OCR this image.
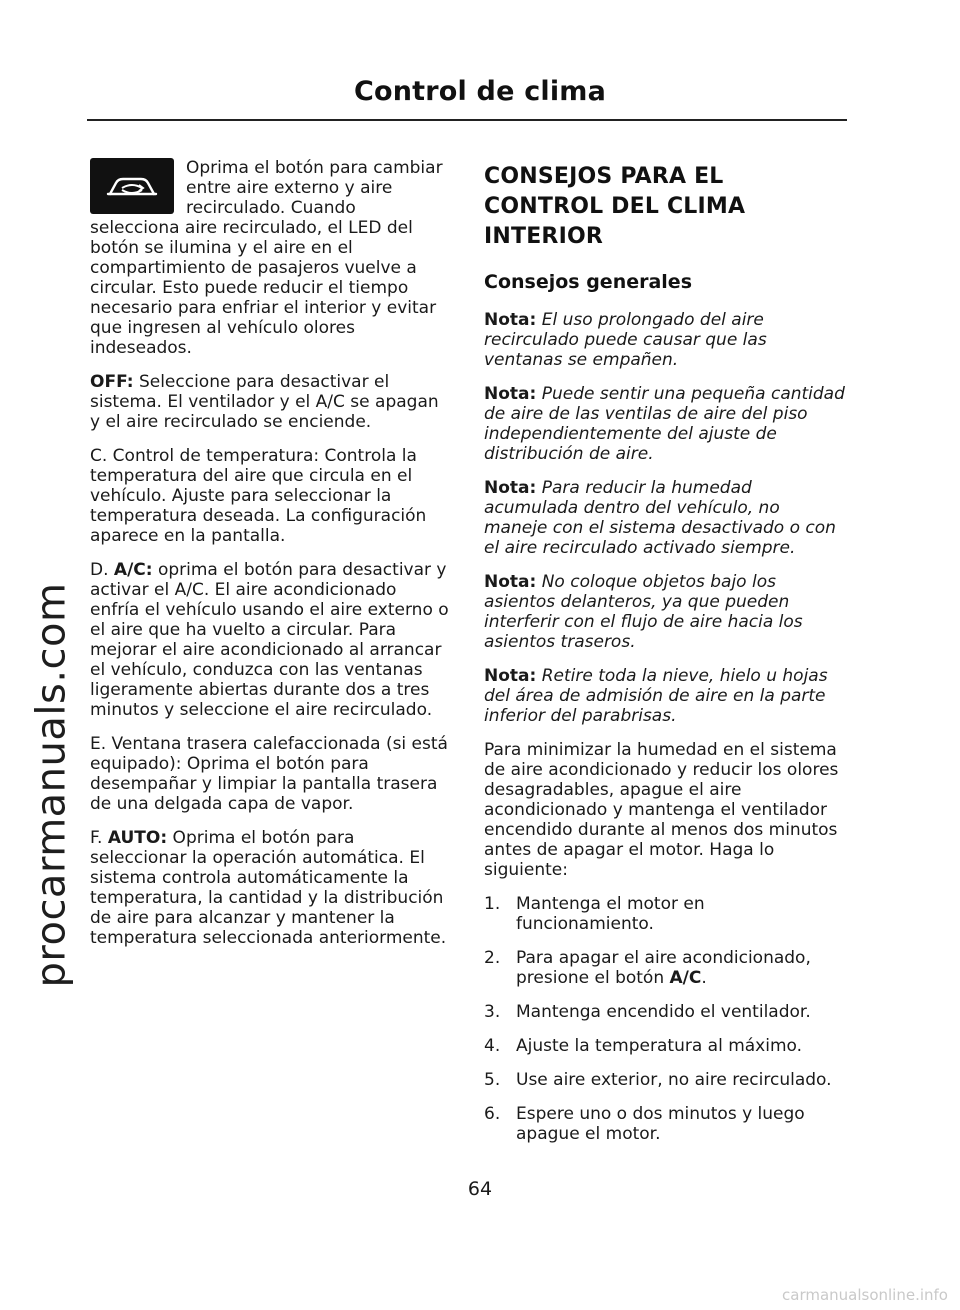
Control de clima
procarmanuals.com

Oprima el botón para cambiar entre aire externo y aire recirculado. Cuando selecciona aire recirculado, el LED del botón se ilumina y el aire en el compartimiento de pasajeros vuelve a circular. Esto puede reducir el tiempo necesario para enfriar el interior y evitar que ingresen al vehículo olores indeseados.

OFF: Seleccione para desactivar el sistema. El ventilador y el A/C se apagan y el aire recirculado se enciende.

C. Control de temperatura: Controla la temperatura del aire que circula en el vehículo. Ajuste para seleccionar la temperatura deseada. La configuración aparece en la pantalla.

D. A/C: oprima el botón para desactivar y activar el A/C. El aire acondicionado enfría el vehículo usando el aire externo o el aire que ha vuelto a circular. Para mejorar el aire acondicionado al arrancar el vehículo, conduzca con las ventanas ligeramente abiertas durante dos a tres minutos y seleccione el aire recirculado.

E. Ventana trasera calefaccionada (si está equipado): Oprima el botón para desempañar y limpiar la pantalla trasera de una delgada capa de vapor.

F. AUTO: Oprima el botón para seleccionar la operación automática. El sistema controla automáticamente la temperatura, la cantidad y la distribución de aire para alcanzar y mantener la temperatura seleccionada anteriormente.

CONSEJOS PARA EL CONTROL DEL CLIMA INTERIOR
Consejos generales

Nota: El uso prolongado del aire recirculado puede causar que las ventanas se empañen.

Nota: Puede sentir una pequeña cantidad de aire de las ventilas de aire del piso independientemente del ajuste de distribución de aire.

Nota: Para reducir la humedad acumulada dentro del vehículo, no maneje con el sistema desactivado o con el aire recirculado activado siempre.

Nota: No coloque objetos bajo los asientos delanteros, ya que pueden interferir con el flujo de aire hacia los asientos traseros.

Nota: Retire toda la nieve, hielo u hojas del área de admisión de aire en la parte inferior del parabrisas.

Para minimizar la humedad en el sistema de aire acondicionado y reducir los olores desagradables, apague el aire acondicionado y mantenga el ventilador encendido durante al menos dos minutos antes de apagar el motor. Haga lo siguiente:

1. Mantenga el motor en funcionamiento.
2. Para apagar el aire acondicionado, presione el botón A/C.
3. Mantenga encendido el ventilador.
4. Ajuste la temperatura al máximo.
5. Use aire exterior, no aire recirculado.
6. Espere uno o dos minutos y luego apague el motor.
64
carmanualsonline.info
